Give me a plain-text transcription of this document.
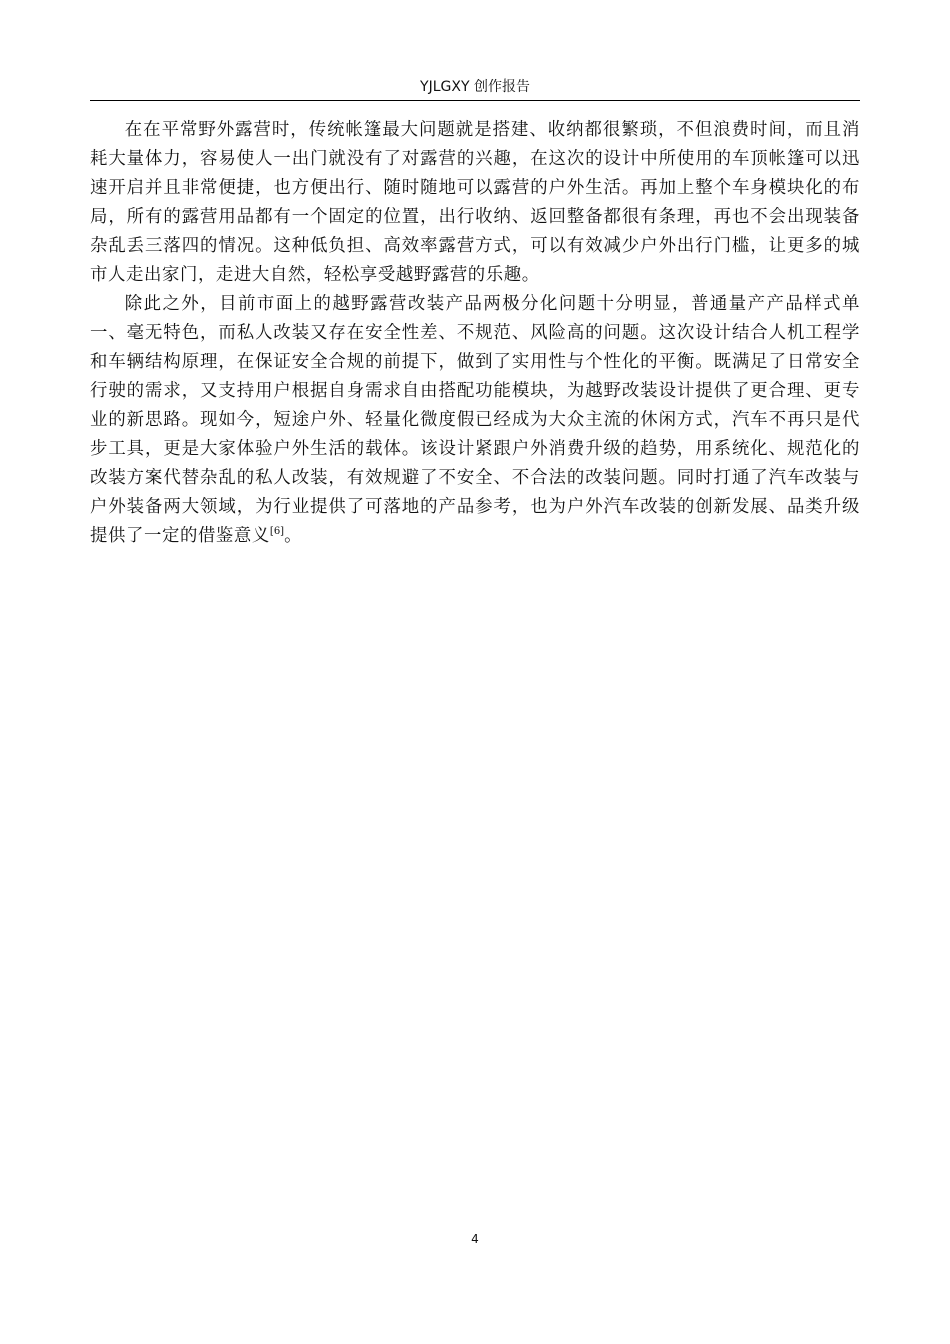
YJLGXY 创作报告

在在平常野外露营时，传统帐篷最大问题就是搭建、收纳都很繁琐，不但浪费时间，而且消耗大量体力，容易使人一出门就没有了对露营的兴趣，在这次的设计中所使用的车顶帐篷可以迅速开启并且非常便捷，也方便出行、随时随地可以露营的户外生活。再加上整个车身模块化的布局，所有的露营用品都有一个固定的位置，出行收纳、返回整备都很有条理，再也不会出现装备杂乱丢三落四的情况。这种低负担、高效率露营方式，可以有效减少户外出行门槛，让更多的城市人走出家门，走进大自然，轻松享受越野露营的乐趣。

除此之外，目前市面上的越野露营改装产品两极分化问题十分明显，普通量产产品样式单一、毫无特色，而私人改装又存在安全性差、不规范、风险高的问题。这次设计结合人机工程学和车辆结构原理，在保证安全合规的前提下，做到了实用性与个性化的平衡。既满足了日常安全行驶的需求，又支持用户根据自身需求自由搭配功能模块，为越野改装设计提供了更合理、更专业的新思路。现如今，短途户外、轻量化微度假已经成为大众主流的休闲方式，汽车不再只是代步工具，更是大家体验户外生活的载体。该设计紧跟户外消费升级的趋势，用系统化、规范化的改装方案代替杂乱的私人改装，有效规避了不安全、不合法的改装问题。同时打通了汽车改装与户外装备两大领域，为行业提供了可落地的产品参考，也为户外汽车改装的创新发展、品类升级提供了一定的借鉴意义[6]。

4
